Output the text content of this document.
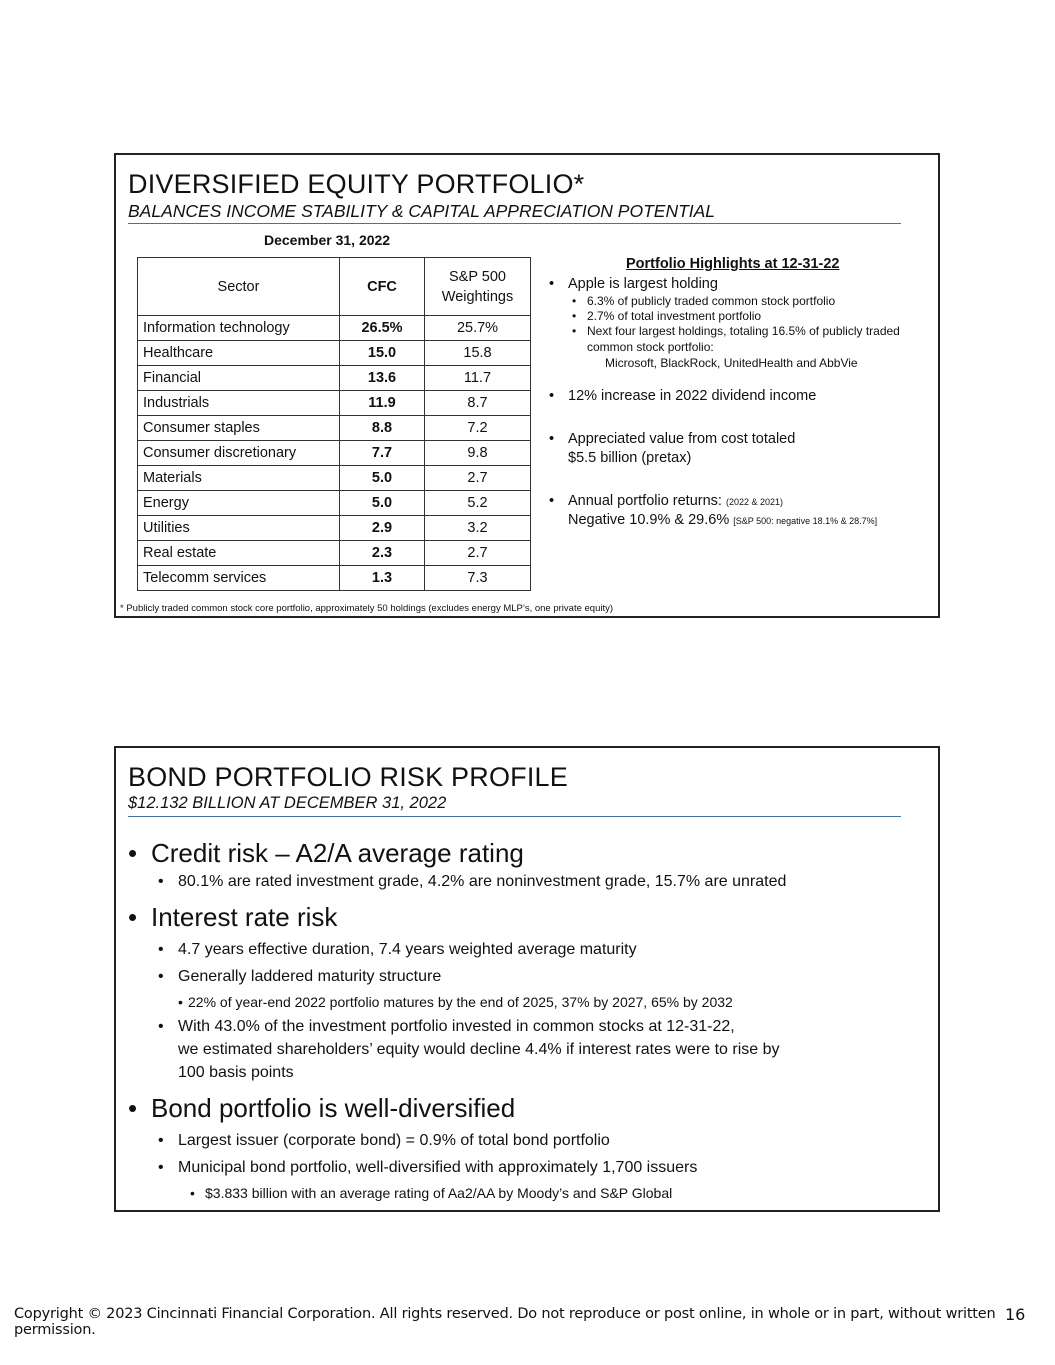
DIVERSIFIED EQUITY PORTFOLIO*
BALANCES INCOME STABILITY & CAPITAL APPRECIATION POTENTIAL
December 31, 2022
Sector	CFC	S&P 500
Weightings
Information technology	26.5%	25.7%
Healthcare	15.0	15.8
Financial	13.6	11.7
Industrials	11.9	8.7
Consumer staples	8.8	7.2
Consumer discretionary	7.7	9.8
Materials	5.0	2.7
Energy	5.0	5.2
Utilities	2.9	3.2
Real estate	2.3	2.7
Telecomm services	1.3	7.3
Portfolio Highlights at 12-31-22
• Apple is largest holding
• 6.3% of publicly traded common stock portfolio
• 2.7% of total investment portfolio
• Next four largest holdings, totaling 16.5% of publicly traded
common stock portfolio:
Microsoft, BlackRock, UnitedHealth and AbbVie
• 12% increase in 2022 dividend income
• Appreciated value from cost totaled
$5.5 billion (pretax)
• Annual portfolio returns: (2022 & 2021)
Negative 10.9% & 29.6% [S&P 500: negative 18.1% & 28.7%]
* Publicly traded common stock core portfolio, approximately 50 holdings (excludes energy MLP’s, one private equity)
BOND PORTFOLIO RISK PROFILE
$12.132 BILLION AT DECEMBER 31, 2022
• Credit risk – A2/A average rating
• 80.1% are rated investment grade, 4.2% are noninvestment grade, 15.7% are unrated
• Interest rate risk
• 4.7 years effective duration, 7.4 years weighted average maturity
• Generally laddered maturity structure
• 22% of year-end 2022 portfolio matures by the end of 2025, 37% by 2027, 65% by 2032
• With 43.0% of the investment portfolio invested in common stocks at 12-31-22,
we estimated shareholders’ equity would decline 4.4% if interest rates were to rise by
100 basis points
• Bond portfolio is well-diversified
• Largest issuer (corporate bond) = 0.9% of total bond portfolio
• Municipal bond portfolio, well-diversified with approximately 1,700 issuers
• $3.833 billion with an average rating of Aa2/AA by Moody’s and S&P Global
Copyright © 2023 Cincinnati Financial Corporation. All rights reserved. Do not reproduce or post online, in whole or in part, without written permission.
16
